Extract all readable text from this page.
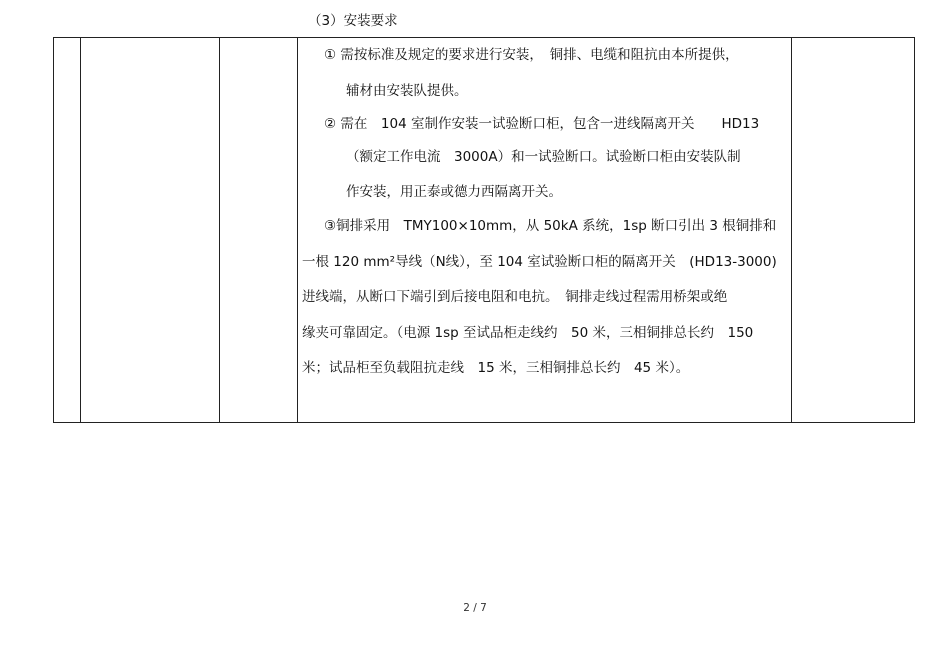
（3）安装要求
① 需按标准及规定的要求进行安装，　铜排、电缆和阻抗由本所提供，
辅材由安装队提供。
② 需在　104 室制作安装一试验断口柜，包含一进线隔离开关　　HD13
（额定工作电流　3000A）和一试验断口。试验断口柜由安装队制
作安装，用正泰或德力西隔离开关。
③铜排采用　TMY100×10mm，从 50kA 系统，1sp 断口引出 3 根铜排和
一根 120 mm²导线（N线），至 104 室试验断口柜的隔离开关　(HD13-3000)
进线端，从断口下端引到后接电阻和电抗。　铜排走线过程需用桥架或绝
缘夹可靠固定。（电源 1sp 至试品柜走线约　50 米，三相铜排总长约　150
米；试品柜至负载阻抗走线　15 米，三相铜排总长约　45 米）。
2 / 7
